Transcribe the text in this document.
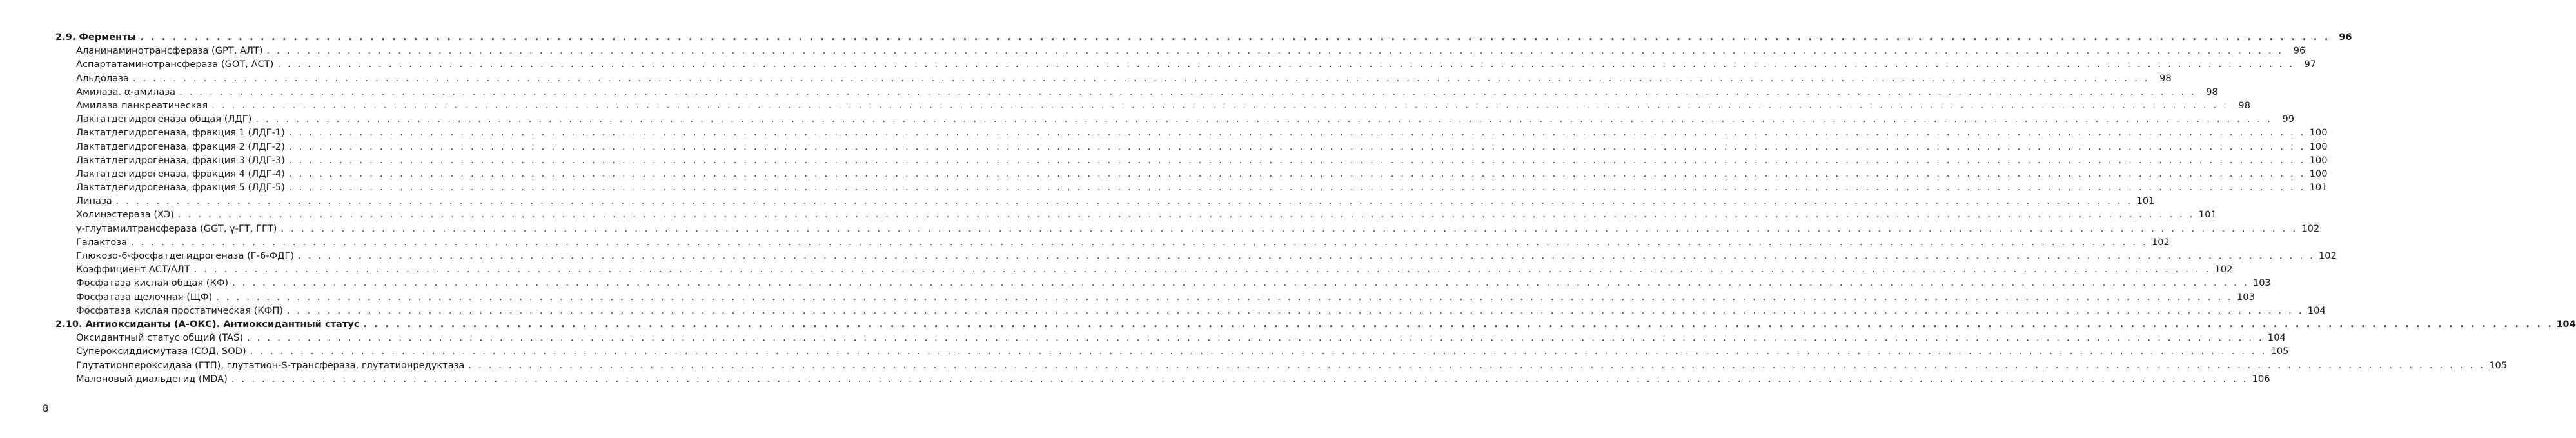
2.9. Ферменты . . . . . . . . . . . . . . . . . . . . . . . . . . . . . . . . . . . . . . . . . . . . . . . . . . . . . . . . . . . . . . . . . . . . . . . . . . . . . . . . . . . . . . . . . . . . . . . . . . . . . . . . . . . . . . . . . . . . . . . . . . . . . . . . . . . . . . . . . . . . . . . . . . . . . . . . . . . . . . . . . . . . . . . . . . . . . . . . . . . . . . . . . . . . . . . . . . . . . . . . 96
Аланинаминотрансфераза (GPT, АЛТ) . . . . . . . . . . . . . . . . . . . . . . . . . . . . . . . . . . . . . . . . . . . . . . . . . . . . . . . . . . . . . . . . . . . . . . . . . . . . . . . . . . . . . . . . . . . . . . . . . . . . . . . . . . . . . . . . . . . . . . . . . . . . . . . . . . . . . . . . . . . . . . . . . . . . . . . . . . . . . . . . . . . . . . . . . . . . . . . . . . . . . . . . . . . . . . . . . . . . . . . .	96
Аспартатаминотрансфераза (GOT, АСТ) . . . . . . . . . . . . . . . . . . . . . . . . . . . . . . . . . . . . . . . . . . . . . . . . . . . . . . . . . . . . . . . . . . . . . . . . . . . . . . . . . . . . . . . . . . . . . . . . . . . . . . . . . . . . . . . . . . . . . . . . . . . . . . . . . . . . . . . . . . . . . . . . . . . . . . . . . . . . . . . . . . . . . . . . . . . . . . . . . . . . . . . . . . . . . . . . . . . . . . . .	97
Альдолаза . . . . . . . . . . . . . . . . . . . . . . . . . . . . . . . . . . . . . . . . . . . . . . . . . . . . . . . . . . . . . . . . . . . . . . . . . . . . . . . . . . . . . . . . . . . . . . . . . . . . . . . . . . . . . . . . . . . . . . . . . . . . . . . . . . . . . . . . . . . . . . . . . . . . . . . . . . . . . . . . . . . . . . . . . . . . . . . . . . . . . . . . . . . . . . . . . . . . . . . .	98
Амилаза. α-амилаза . . . . . . . . . . . . . . . . . . . . . . . . . . . . . . . . . . . . . . . . . . . . . . . . . . . . . . . . . . . . . . . . . . . . . . . . . . . . . . . . . . . . . . . . . . . . . . . . . . . . . . . . . . . . . . . . . . . . . . . . . . . . . . . . . . . . . . . . . . . . . . . . . . . . . . . . . . . . . . . . . . . . . . . . . . . . . . . . . . . . . . . . . . . . . . . . . . . . . . . .	98
Амилаза панкреатическая . . . . . . . . . . . . . . . . . . . . . . . . . . . . . . . . . . . . . . . . . . . . . . . . . . . . . . . . . . . . . . . . . . . . . . . . . . . . . . . . . . . . . . . . . . . . . . . . . . . . . . . . . . . . . . . . . . . . . . . . . . . . . . . . . . . . . . . . . . . . . . . . . . . . . . . . . . . . . . . . . . . . . . . . . . . . . . . . . . . . . . . . . . . . . . . . . . . . . . . .	98
Лактатдегидрогеназа общая (ЛДГ) . . . . . . . . . . . . . . . . . . . . . . . . . . . . . . . . . . . . . . . . . . . . . . . . . . . . . . . . . . . . . . . . . . . . . . . . . . . . . . . . . . . . . . . . . . . . . . . . . . . . . . . . . . . . . . . . . . . . . . . . . . . . . . . . . . . . . . . . . . . . . . . . . . . . . . . . . . . . . . . . . . . . . . . . . . . . . . . . . . . . . . . . . . . . . . . . . . . . . . . .	99
Лактатдегидрогеназа, фракция 1 (ЛДГ-1) . . . . . . . . . . . . . . . . . . . . . . . . . . . . . . . . . . . . . . . . . . . . . . . . . . . . . . . . . . . . . . . . . . . . . . . . . . . . . . . . . . . . . . . . . . . . . . . . . . . . . . . . . . . . . . . . . . . . . . . . . . . . . . . . . . . . . . . . . . . . . . . . . . . . . . . . . . . . . . . . . . . . . . . . . . . . . . . . . . . . . . . . . . . . . . . . . . . . . . . . 100
Лактатдегидрогеназа, фракция 2 (ЛДГ-2) . . . . . . . . . . . . . . . . . . . . . . . . . . . . . . . . . . . . . . . . . . . . . . . . . . . . . . . . . . . . . . . . . . . . . . . . . . . . . . . . . . . . . . . . . . . . . . . . . . . . . . . . . . . . . . . . . . . . . . . . . . . . . . . . . . . . . . . . . . . . . . . . . . . . . . . . . . . . . . . . . . . . . . . . . . . . . . . . . . . . . . . . . . . . . . . . . . . . . . . . 100
Лактатдегидрогеназа, фракция 3 (ЛДГ-3) . . . . . . . . . . . . . . . . . . . . . . . . . . . . . . . . . . . . . . . . . . . . . . . . . . . . . . . . . . . . . . . . . . . . . . . . . . . . . . . . . . . . . . . . . . . . . . . . . . . . . . . . . . . . . . . . . . . . . . . . . . . . . . . . . . . . . . . . . . . . . . . . . . . . . . . . . . . . . . . . . . . . . . . . . . . . . . . . . . . . . . . . . . . . . . . . . . . . . . . . 100
Лактатдегидрогеназа, фракция 4 (ЛДГ-4) . . . . . . . . . . . . . . . . . . . . . . . . . . . . . . . . . . . . . . . . . . . . . . . . . . . . . . . . . . . . . . . . . . . . . . . . . . . . . . . . . . . . . . . . . . . . . . . . . . . . . . . . . . . . . . . . . . . . . . . . . . . . . . . . . . . . . . . . . . . . . . . . . . . . . . . . . . . . . . . . . . . . . . . . . . . . . . . . . . . . . . . . . . . . . . . . . . . . . . . . 100
Лактатдегидрогеназа, фракция 5 (ЛДГ-5) . . . . . . . . . . . . . . . . . . . . . . . . . . . . . . . . . . . . . . . . . . . . . . . . . . . . . . . . . . . . . . . . . . . . . . . . . . . . . . . . . . . . . . . . . . . . . . . . . . . . . . . . . . . . . . . . . . . . . . . . . . . . . . . . . . . . . . . . . . . . . . . . . . . . . . . . . . . . . . . . . . . . . . . . . . . . . . . . . . . . . . . . . . . . . . . . . . . . . . . . 101
Липаза . . . . . . . . . . . . . . . . . . . . . . . . . . . . . . . . . . . . . . . . . . . . . . . . . . . . . . . . . . . . . . . . . . . . . . . . . . . . . . . . . . . . . . . . . . . . . . . . . . . . . . . . . . . . . . . . . . . . . . . . . . . . . . . . . . . . . . . . . . . . . . . . . . . . . . . . . . . . . . . . . . . . . . . . . . . . . . . . . . . . . . . . . . . . . . . . . . . . . . . . 101
Холинэстераза (ХЭ) . . . . . . . . . . . . . . . . . . . . . . . . . . . . . . . . . . . . . . . . . . . . . . . . . . . . . . . . . . . . . . . . . . . . . . . . . . . . . . . . . . . . . . . . . . . . . . . . . . . . . . . . . . . . . . . . . . . . . . . . . . . . . . . . . . . . . . . . . . . . . . . . . . . . . . . . . . . . . . . . . . . . . . . . . . . . . . . . . . . . . . . . . . . . . . . . . . . . . . . . 101
γ-глутамилтрансфераза (GGT, γ-ГТ, ГГТ) . . . . . . . . . . . . . . . . . . . . . . . . . . . . . . . . . . . . . . . . . . . . . . . . . . . . . . . . . . . . . . . . . . . . . . . . . . . . . . . . . . . . . . . . . . . . . . . . . . . . . . . . . . . . . . . . . . . . . . . . . . . . . . . . . . . . . . . . . . . . . . . . . . . . . . . . . . . . . . . . . . . . . . . . . . . . . . . . . . . . . . . . . . . . . . . . . . . . . . . . 102
Галактоза . . . . . . . . . . . . . . . . . . . . . . . . . . . . . . . . . . . . . . . . . . . . . . . . . . . . . . . . . . . . . . . . . . . . . . . . . . . . . . . . . . . . . . . . . . . . . . . . . . . . . . . . . . . . . . . . . . . . . . . . . . . . . . . . . . . . . . . . . . . . . . . . . . . . . . . . . . . . . . . . . . . . . . . . . . . . . . . . . . . . . . . . . . . . . . . . . . . . . . . . 102
Глюкозо-6-фосфатдегидрогеназа (Г-6-ФДГ) . . . . . . . . . . . . . . . . . . . . . . . . . . . . . . . . . . . . . . . . . . . . . . . . . . . . . . . . . . . . . . . . . . . . . . . . . . . . . . . . . . . . . . . . . . . . . . . . . . . . . . . . . . . . . . . . . . . . . . . . . . . . . . . . . . . . . . . . . . . . . . . . . . . . . . . . . . . . . . . . . . . . . . . . . . . . . . . . . . . . . . . . . . . . . . . . . . . . . . . . 102
Коэффициент АСТ/АЛТ . . . . . . . . . . . . . . . . . . . . . . . . . . . . . . . . . . . . . . . . . . . . . . . . . . . . . . . . . . . . . . . . . . . . . . . . . . . . . . . . . . . . . . . . . . . . . . . . . . . . . . . . . . . . . . . . . . . . . . . . . . . . . . . . . . . . . . . . . . . . . . . . . . . . . . . . . . . . . . . . . . . . . . . . . . . . . . . . . . . . . . . . . . . . . . . . . . . . . . . . 102
Фосфатаза кислая общая (КФ) . . . . . . . . . . . . . . . . . . . . . . . . . . . . . . . . . . . . . . . . . . . . . . . . . . . . . . . . . . . . . . . . . . . . . . . . . . . . . . . . . . . . . . . . . . . . . . . . . . . . . . . . . . . . . . . . . . . . . . . . . . . . . . . . . . . . . . . . . . . . . . . . . . . . . . . . . . . . . . . . . . . . . . . . . . . . . . . . . . . . . . . . . . . . . . . . . . . . . . . . 103
Фосфатаза щелочная (ЩФ) . . . . . . . . . . . . . . . . . . . . . . . . . . . . . . . . . . . . . . . . . . . . . . . . . . . . . . . . . . . . . . . . . . . . . . . . . . . . . . . . . . . . . . . . . . . . . . . . . . . . . . . . . . . . . . . . . . . . . . . . . . . . . . . . . . . . . . . . . . . . . . . . . . . . . . . . . . . . . . . . . . . . . . . . . . . . . . . . . . . . . . . . . . . . . . . . . . . . . . . . 103
Фосфатаза кислая простатическая (КФП) . . . . . . . . . . . . . . . . . . . . . . . . . . . . . . . . . . . . . . . . . . . . . . . . . . . . . . . . . . . . . . . . . . . . . . . . . . . . . . . . . . . . . . . . . . . . . . . . . . . . . . . . . . . . . . . . . . . . . . . . . . . . . . . . . . . . . . . . . . . . . . . . . . . . . . . . . . . . . . . . . . . . . . . . . . . . . . . . . . . . . . . . . . . . . . . . . . . . . . . . 104
2.10. Антиоксиданты (А-ОКС). Антиоксидантный статус . . . . . . . . . . . . . . . . . . . . . . . . . . . . . . . . . . . . . . . . . . . . . . . . . . . . . . . . . . . . . . . . . . . . . . . . . . . . . . . . . . . . . . . . . . . . . . . . . . . . . . . . . . . . . . . . . . . . . . . . . . . . . . . . . . . . . . . . . . . . . . . . . . . . . . . . . . . . . . . . . . . . . . . . . . . . . . . . . . . . . . . . . . . . . . . . . . . . . . . . 104
Оксидантный статус общий (TAS) . . . . . . . . . . . . . . . . . . . . . . . . . . . . . . . . . . . . . . . . . . . . . . . . . . . . . . . . . . . . . . . . . . . . . . . . . . . . . . . . . . . . . . . . . . . . . . . . . . . . . . . . . . . . . . . . . . . . . . . . . . . . . . . . . . . . . . . . . . . . . . . . . . . . . . . . . . . . . . . . . . . . . . . . . . . . . . . . . . . . . . . . . . . . . . . . . . . . . . . . 104
Супероксиддисмутаза (СОД, SOD) . . . . . . . . . . . . . . . . . . . . . . . . . . . . . . . . . . . . . . . . . . . . . . . . . . . . . . . . . . . . . . . . . . . . . . . . . . . . . . . . . . . . . . . . . . . . . . . . . . . . . . . . . . . . . . . . . . . . . . . . . . . . . . . . . . . . . . . . . . . . . . . . . . . . . . . . . . . . . . . . . . . . . . . . . . . . . . . . . . . . . . . . . . . . . . . . . . . . . . . . 105
Глутатионпероксидаза (ГТП), глутатион-S-трансфераза, глутатионредуктаза . . . . . . . . . . . . . . . . . . . . . . . . . . . . . . . . . . . . . . . . . . . . . . . . . . . . . . . . . . . . . . . . . . . . . . . . . . . . . . . . . . . . . . . . . . . . . . . . . . . . . . . . . . . . . . . . . . . . . . . . . . . . . . . . . . . . . . . . . . . . . . . . . . . . . . . . . . . . . . . . . . . . . . . . . . . . . . . . . . . . . . . . . . . . . . . . . . . . . . . . 105
Малоновый диальдегид (MDA) . . . . . . . . . . . . . . . . . . . . . . . . . . . . . . . . . . . . . . . . . . . . . . . . . . . . . . . . . . . . . . . . . . . . . . . . . . . . . . . . . . . . . . . . . . . . . . . . . . . . . . . . . . . . . . . . . . . . . . . . . . . . . . . . . . . . . . . . . . . . . . . . . . . . . . . . . . . . . . . . . . . . . . . . . . . . . . . . . . . . . . . . . . . . . . . . . . . . . . . . 106
8
